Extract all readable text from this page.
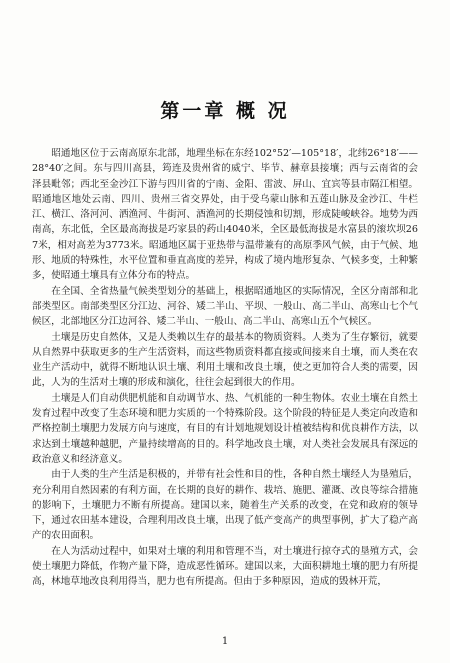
第一章 概 况

昭通地区位于云南高原东北部，地理坐标在东经102°52′—105°18′，北纬26°18′——28°40′之间。东与四川高县，筠连及贵州省的威宁、毕节、赫章县接壤；西与云南省的会泽县毗邻；西北至金沙江下游与四川省的宁南、金阳、雷波、屏山、宜宾等县市隔江相望。昭通地区地处云南、四川、贵州三省交界处，由于受乌蒙山脉和五莲山脉及金沙江、牛栏江、横江、洛河河、洒渔河、牛街河、酒渔河的长期侵蚀和切割，形成陡峻峡谷。地势为西南高，东北低，全区最高海拔是巧家县的药山4040米，全区最低海拔是水富县的滚坎坝267米，相对高差为3773米。昭通地区属于亚热带与温带兼有的高原季风气候，由于气候、地形、地质的特殊性，水平位置和垂直高度的差异，构成了境内地形复杂、气候多变，土种繁多，使昭通土壤具有立体分布的特点。

在全国、全省热量气候类型划分的基础上，根据昭通地区的实际情况，全区分南部和北部类型区。南部类型区分江边、河谷、矮二半山、平坝、一般山、高二半山、高寒山七个气候区，北部地区分江边河谷、矮二半山、一般山、高二半山、高寒山五个气候区。

土壤是历史自然体，又是人类赖以生存的最基本的物质资料。人类为了生存繁衍，就要从自然界中获取更多的生产生活资料，而这些物质资料都直接或间接来自土壤，而人类在农业生产活动中，就得不断地认识土壤、利用土壤和改良土壤，使之更加符合人类的需要，因此，人为的生活对土壤的形成和演化，往往会起到很大的作用。

土壤是人们自动供肥机能和自动调节水、热、气机能的一种生物体。农业土壤在自然土发育过程中改变了生态环境和肥力实质的一个特殊阶段。这个阶段的特征是人类定向改造和严格控制土壤肥力发展方向与速度，有目的有计划地规划设计植被结构和优良耕作方法，以求达到土壤越种越肥，产量持续增高的目的。科学地改良土壤，对人类社会发展具有深远的政治意义和经济意义。

由于人类的生产生活是积极的，并带有社会性和目的性，各种自然土壤经人为垦殖后，充分利用自然因素的有利方面，在长期的良好的耕作、栽培、施肥、灌溉、改良等综合措施的影响下，土壤肥力不断有所提高。建国以来，随着生产关系的改变，在党和政府的领导下，通过农田基本建设，合理利用改良土壤，出现了低产变高产的典型事例，扩大了稳产高产的农田面积。

在人为活动过程中，如果对土壤的利用和管理不当，对土壤进行掠夺式的垦殖方式，会使土壤肥力降低，作物产量下降，造成恶性循环。建国以来，大面积耕地土壤的肥力有所提高，林地草地改良利用得当，肥力也有所提高。但由于多种原因，造成的毁林开荒，

1
